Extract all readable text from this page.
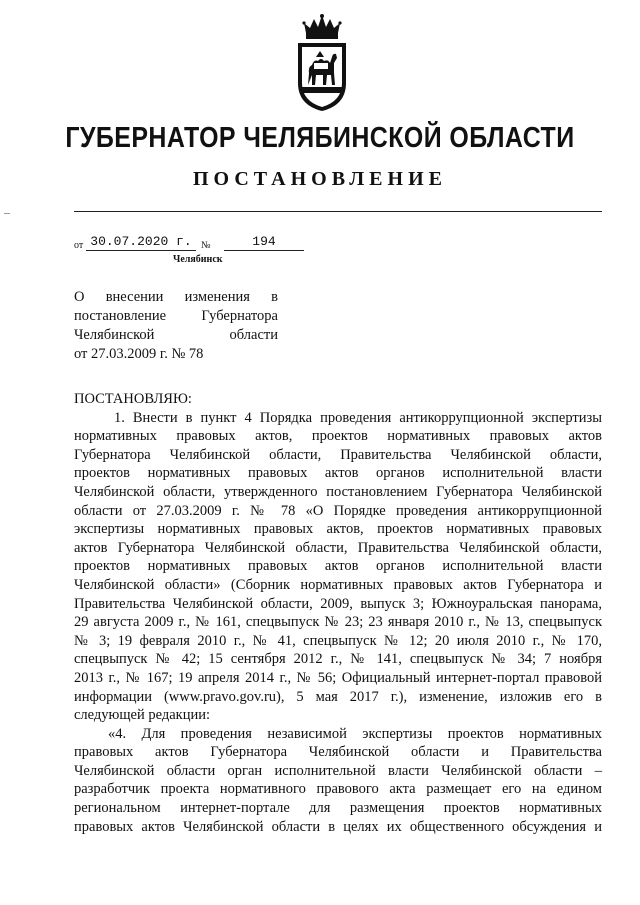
ГУБЕРНАТОР ЧЕЛЯБИНСКОЙ ОБЛАСТИ
ПОСТАНОВЛЕНИЕ
от 30.07.2020 г. №	194
Челябинск
О внесении изменения в
постановление Губернатора
Челябинской области
от 27.03.2009 г. № 78
ПОСТАНОВЛЯЮ:
1. Внести в пункт 4 Порядка проведения антикоррупционной экспертизы
нормативных правовых актов, проектов нормативных правовых актов
Губернатора Челябинской области, Правительства Челябинской области,
проектов нормативных правовых актов органов исполнительной власти
Челябинской области, утвержденного постановлением Губернатора Челябинской
области от 27.03.2009 г. № 78 «О Порядке проведения антикоррупционной
экспертизы нормативных правовых актов, проектов нормативных правовых
актов Губернатора Челябинской области, Правительства Челябинской области,
проектов нормативных правовых актов органов исполнительной власти
Челябинской области» (Сборник нормативных правовых актов Губернатора и
Правительства Челябинской области, 2009, выпуск 3; Южноуральская панорама,
29 августа 2009 г., № 161, спецвыпуск № 23; 23 января 2010 г., № 13, спецвыпуск
№ 3; 19 февраля 2010 г., № 41, спецвыпуск № 12; 20 июля 2010 г., № 170,
спецвыпуск № 42; 15 сентября 2012 г., № 141, спецвыпуск № 34; 7 ноября
2013 г., № 167; 19 апреля 2014 г., № 56; Официальный интернет-портал правовой
информации (www.pravo.gov.ru), 5 мая 2017 г.), изменение, изложив его в
следующей редакции:
«4. Для проведения независимой экспертизы проектов нормативных
правовых актов Губернатора Челябинской области и Правительства
Челябинской области орган исполнительной власти Челябинской области –
разработчик проекта нормативного правового акта размещает его на едином
региональном интернет-портале для размещения проектов нормативных
правовых актов Челябинской области в целях их общественного обсуждения и
